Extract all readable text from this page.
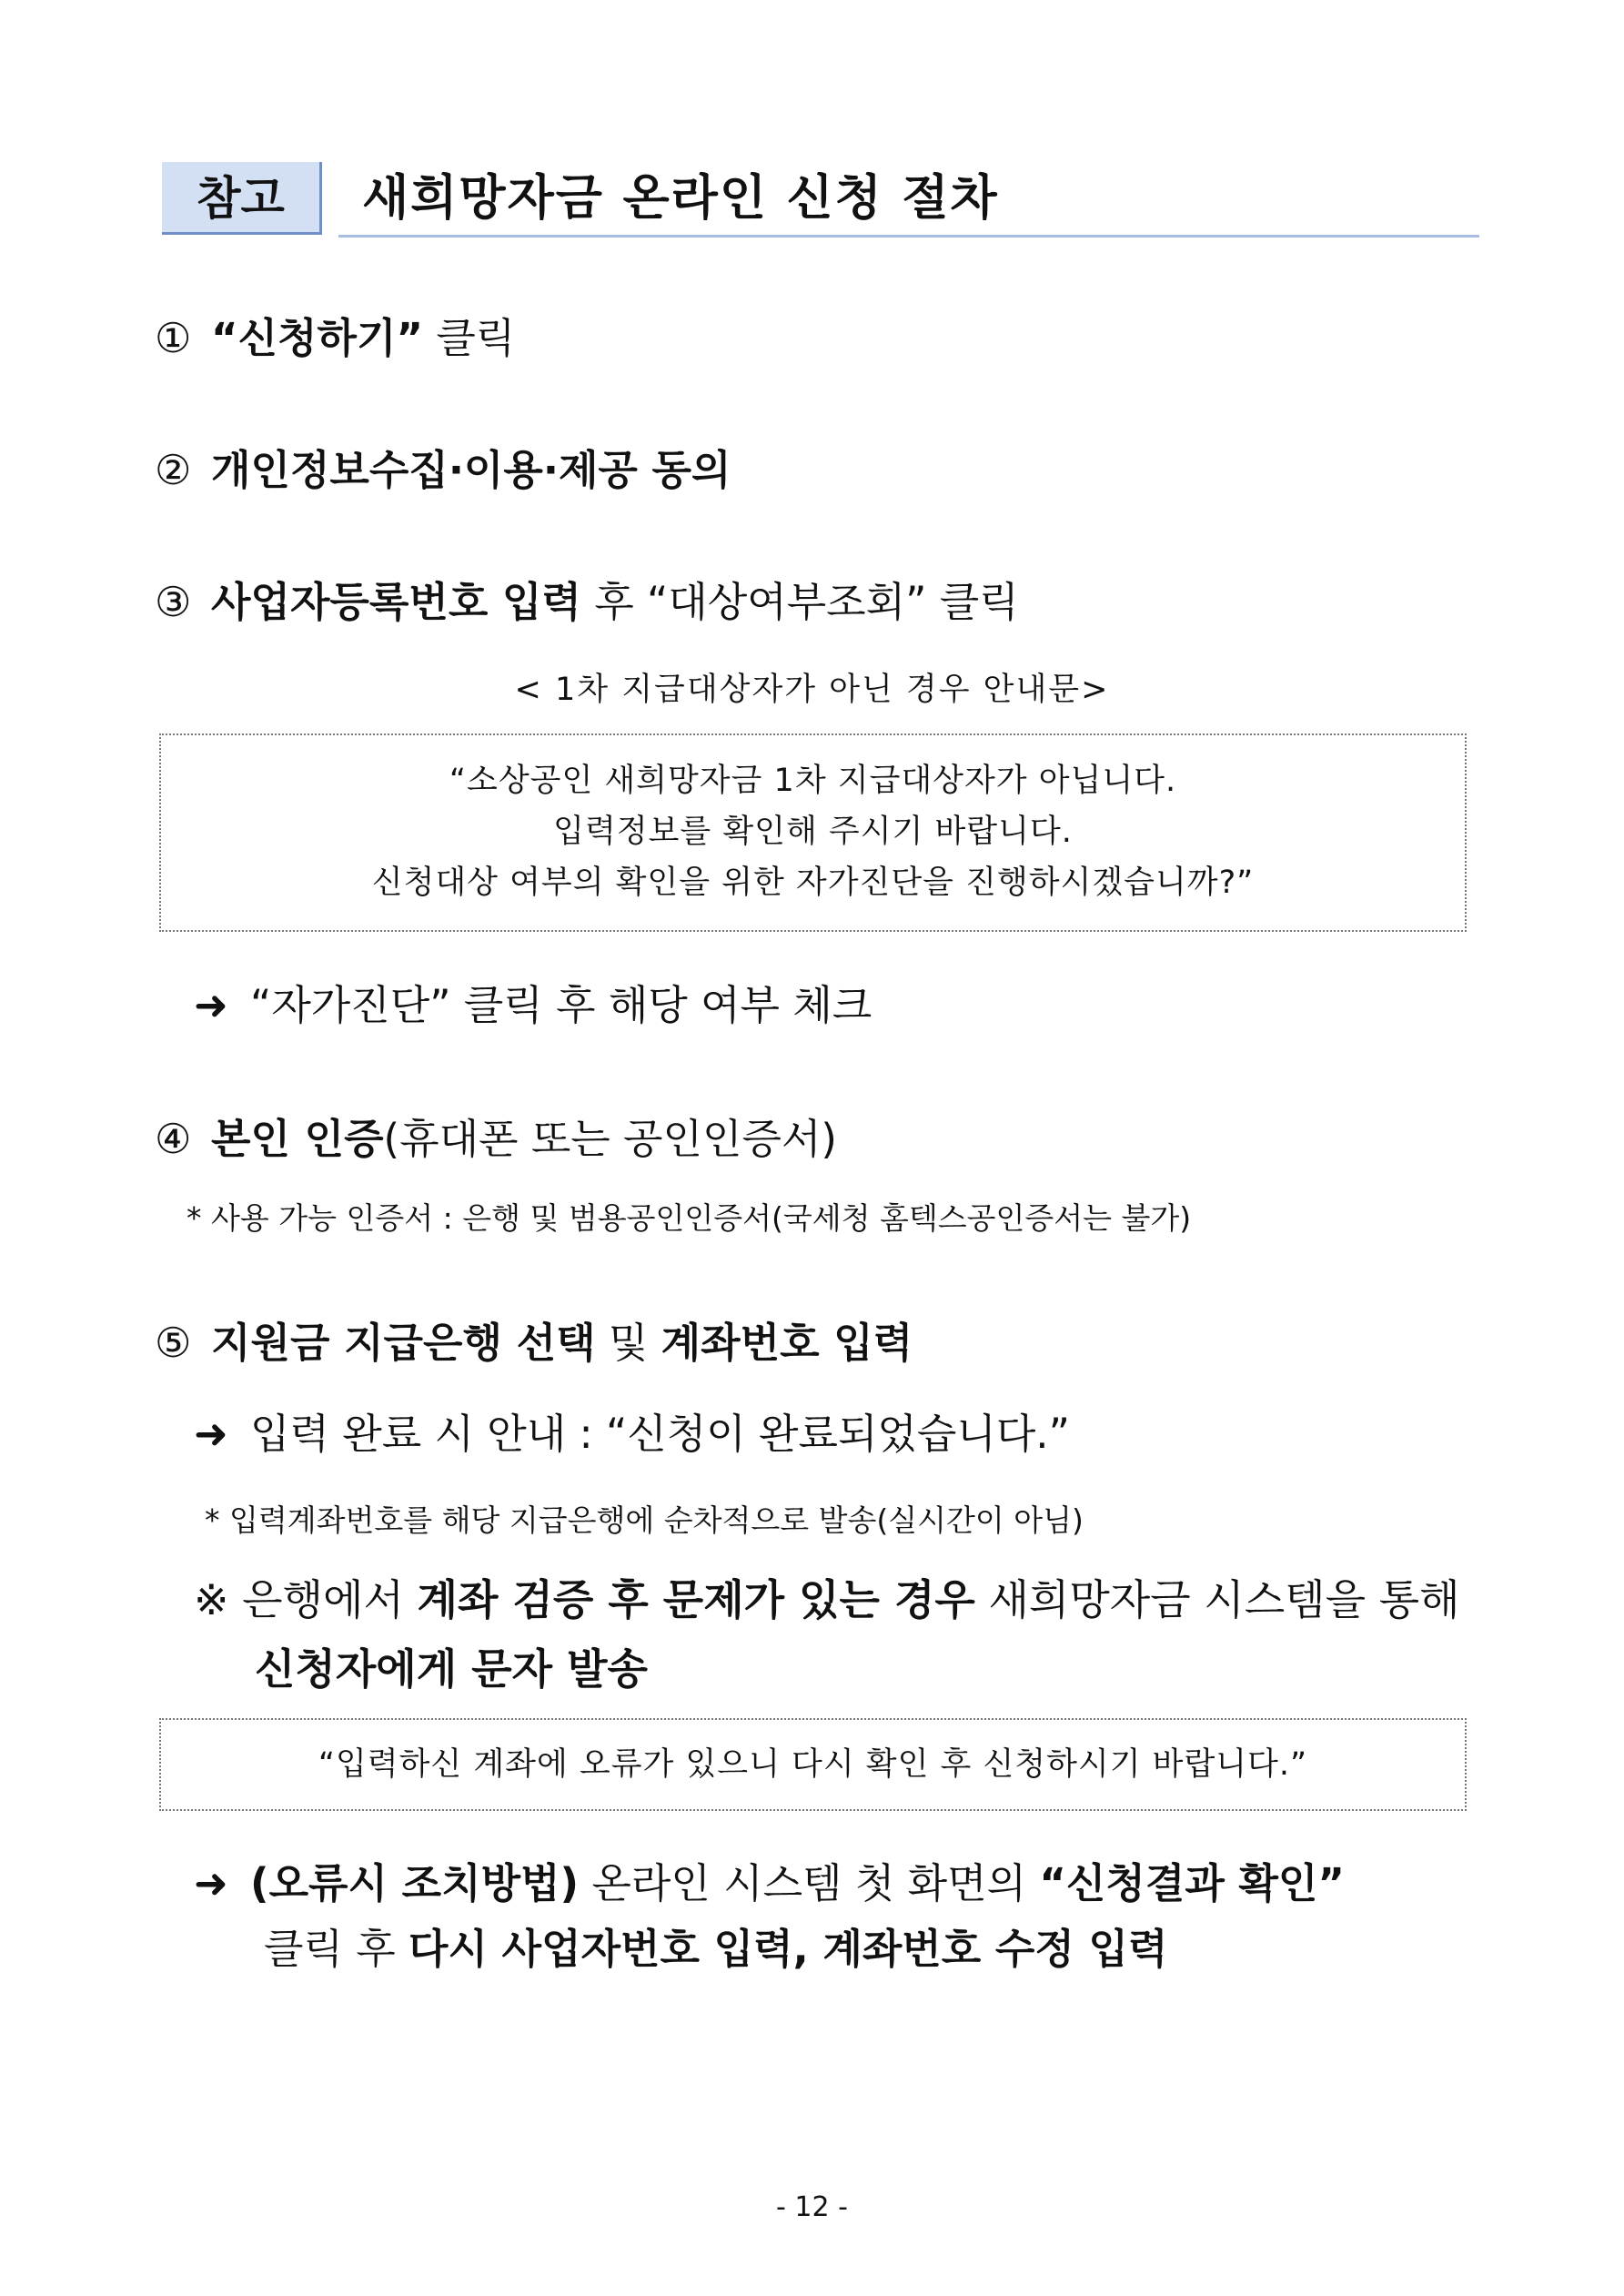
참고	새희망자금 온라인 신청 절차
① “신청하기” 클릭
② 개인정보수집·이용·제공 동의
③ 사업자등록번호 입력 후 “대상여부조회” 클릭
< 1차 지급대상자가 아닌 경우 안내문>
“소상공인 새희망자금 1차 지급대상자가 아닙니다.
입력정보를 확인해 주시기 바랍니다.
신청대상 여부의 확인을 위한 자가진단을 진행하시겠습니까?”
➜ “자가진단” 클릭 후 해당 여부 체크
④ 본인 인증(휴대폰 또는 공인인증서)
* 사용 가능 인증서 : 은행 및 범용공인인증서(국세청 홈텍스공인증서는 불가)
⑤ 지원금 지급은행 선택 및 계좌번호 입력
➜ 입력 완료 시 안내 : “신청이 완료되었습니다.”
* 입력계좌번호를 해당 지급은행에 순차적으로 발송(실시간이 아님)
※ 은행에서 계좌 검증 후 문제가 있는 경우 새희망자금 시스템을 통해
신청자에게 문자 발송
“입력하신 계좌에 오류가 있으니 다시 확인 후 신청하시기 바랍니다.”
➜ (오류시 조치방법) 온라인 시스템 첫 화면의 “신청결과 확인”
클릭 후 다시 사업자번호 입력, 계좌번호 수정 입력
- 12 -
